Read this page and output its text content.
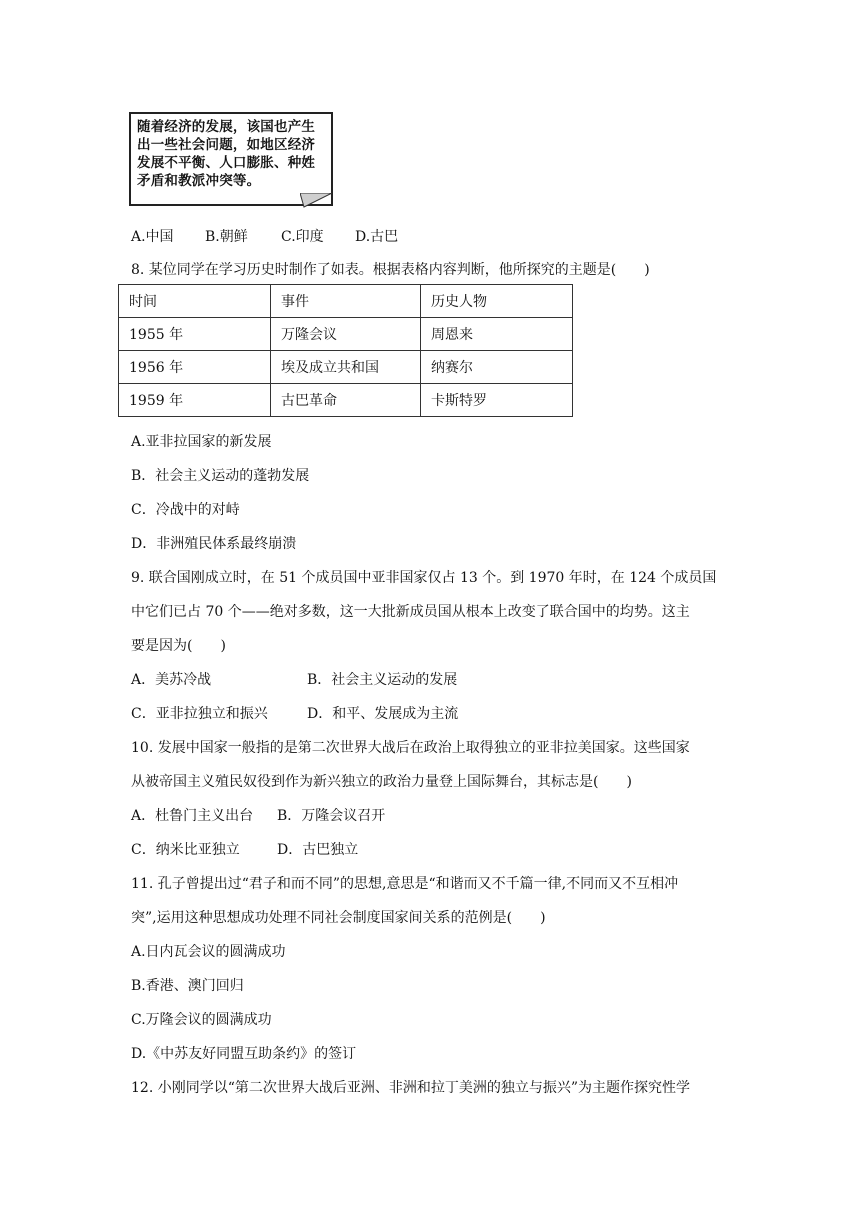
随着经济的发展，该国也产生出一些社会问题，如地区经济发展不平衡、人口膨胀、种姓矛盾和教派冲突等。
A.中国 B.朝鲜 C.印度 D.古巴
8. 某位同学在学习历史时制作了如表。根据表格内容判断，他所探究的主题是(　　)
时间	事件	历史人物
1955 年	万隆会议	周恩来
1956 年	埃及成立共和国	纳赛尔
1959 年	古巴革命	卡斯特罗
A.亚非拉国家的新发展
B．社会主义运动的蓬勃发展
C．冷战中的对峙
D．非洲殖民体系最终崩溃
9. 联合国刚成立时，在 51 个成员国中亚非国家仅占 13 个。到 1970 年时，在 124 个成员国
中它们已占 70 个——绝对多数，这一大批新成员国从根本上改变了联合国中的均势。这主
要是因为(　　)
A．美苏冷战	B．社会主义运动的发展
C．亚非拉独立和振兴	D．和平、发展成为主流
10. 发展中国家一般指的是第二次世界大战后在政治上取得独立的亚非拉美国家。这些国家
从被帝国主义殖民奴役到作为新兴独立的政治力量登上国际舞台，其标志是(　　)
A．杜鲁门主义出台 B．万隆会议召开
C．纳米比亚独立	D．古巴独立
11. 孔子曾提出过“君子和而不同”的思想,意思是“和谐而又不千篇一律,不同而又不互相冲
突”,运用这种思想成功处理不同社会制度国家间关系的范例是(　　)
A.日内瓦会议的圆满成功
B.香港、澳门回归
C.万隆会议的圆满成功
D.《中苏友好同盟互助条约》的签订
12. 小刚同学以“第二次世界大战后亚洲、非洲和拉丁美洲的独立与振兴”为主题作探究性学
